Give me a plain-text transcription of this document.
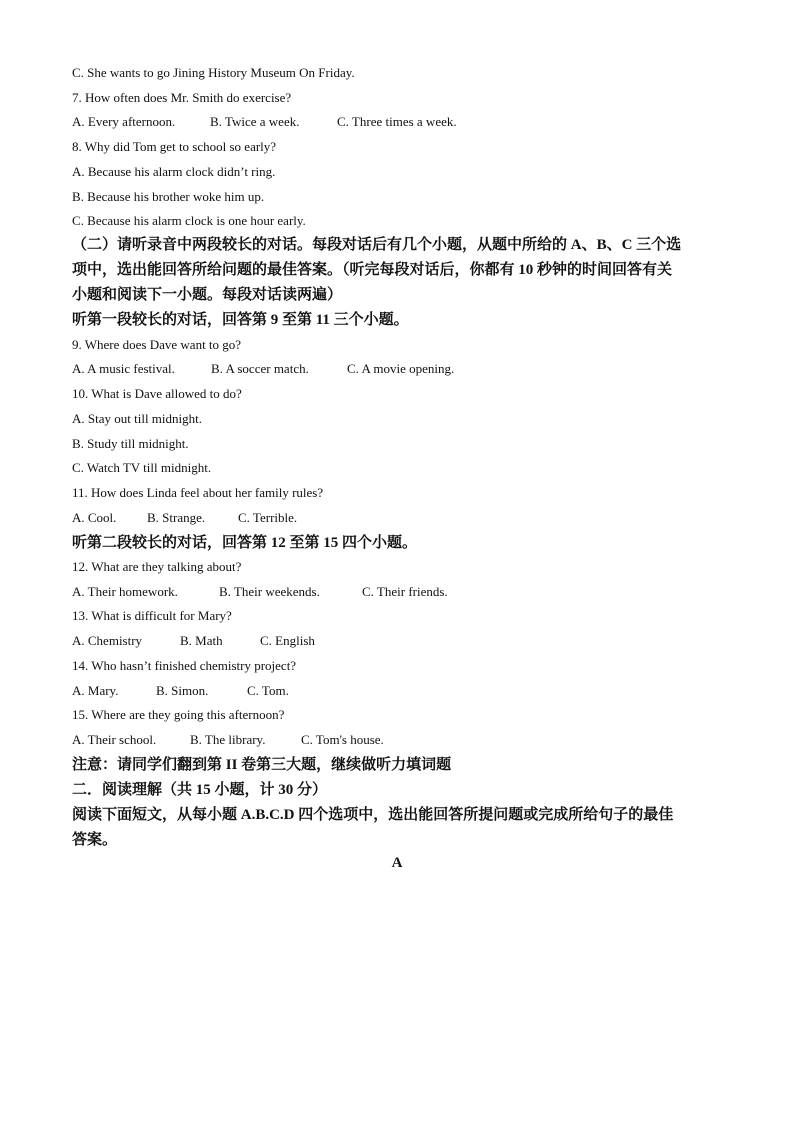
C. She wants to go Jining History Museum On Friday.
7. How often does Mr. Smith do exercise?
A. Every afternoon.	B. Twice a week.	C. Three times a week.
8. Why did Tom get to school so early?
A. Because his alarm clock didn’t ring.
B. Because his brother woke him up.
C. Because his alarm clock is one hour early.
（二）请听录音中两段较长的对话。每段对话后有几个小题，从题中所给的 A、B、C 三个选
项中，选出能回答所给问题的最佳答案。（听完每段对话后，你都有 10 秒钟的时间回答有关
小题和阅读下一小题。每段对话读两遍）
听第一段较长的对话，回答第 9 至第 11 三个小题。
9. Where does Dave want to go?
A. A music festival.	B. A soccer match.	C. A movie opening.
10. What is Dave allowed to do?
A. Stay out till midnight.
B. Study till midnight.
C. Watch TV till midnight.
11. How does Linda feel about her family rules?
A. Cool. B. Strange.	C. Terrible.
听第二段较长的对话，回答第 12 至第 15 四个小题。
12. What are they talking about?
A. Their homework.	B. Their weekends.	C. Their friends.
13. What is difficult for Mary?
A. Chemistry	B. Math	C. English
14. Who hasn’t finished chemistry project?
A. Mary.	B. Simon.	C. Tom.
15. Where are they going this afternoon?
A. Their school.	B. The library.	C. Tom's house.
注意：请同学们翻到第 II 卷第三大题，继续做听力填词题
二．阅读理解（共 15 小题，计 30 分）
阅读下面短文，从每小题 A.B.C.D 四个选项中，选出能回答所提问题或完成所给句子的最佳
答案。
A
